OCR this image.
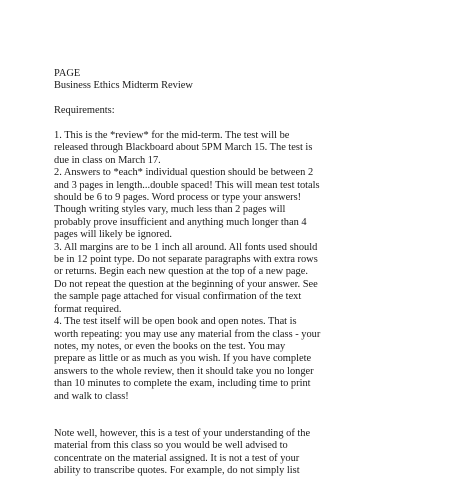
PAGE

Business Ethics Midterm Review

Requirements:

1. This is the *review* for the mid-term. The test will be
released through Blackboard about 5PM March 15. The test is
due in class on March 17.
2. Answers to *each* individual question should be between 2
and 3 pages in length...double spaced! This will mean test totals
should be 6 to 9 pages. Word process or type your answers!
Though writing styles vary, much less than 2 pages will
probably prove insufficient and anything much longer than 4
pages will likely be ignored.
3. All margins are to be 1 inch all around. All fonts used should
be in 12 point type. Do not separate paragraphs with extra rows
or returns. Begin each new question at the top of a new page.
Do not repeat the question at the beginning of your answer. See
the sample page attached for visual confirmation of the text
format required.
4. The test itself will be open book and open notes. That is
worth repeating: you may use any material from the class - your
notes, my notes, or even the books on the test. You may
prepare as little or as much as you wish. If you have complete
answers to the whole review, then it should take you no longer
than 10 minutes to complete the exam, including time to print
and walk to class!
Note well, however, this is a test of your understanding of the
material from this class so you would be well advised to
concentrate on the material assigned. It is not a test of your
ability to transcribe quotes. For example, do not simply list
